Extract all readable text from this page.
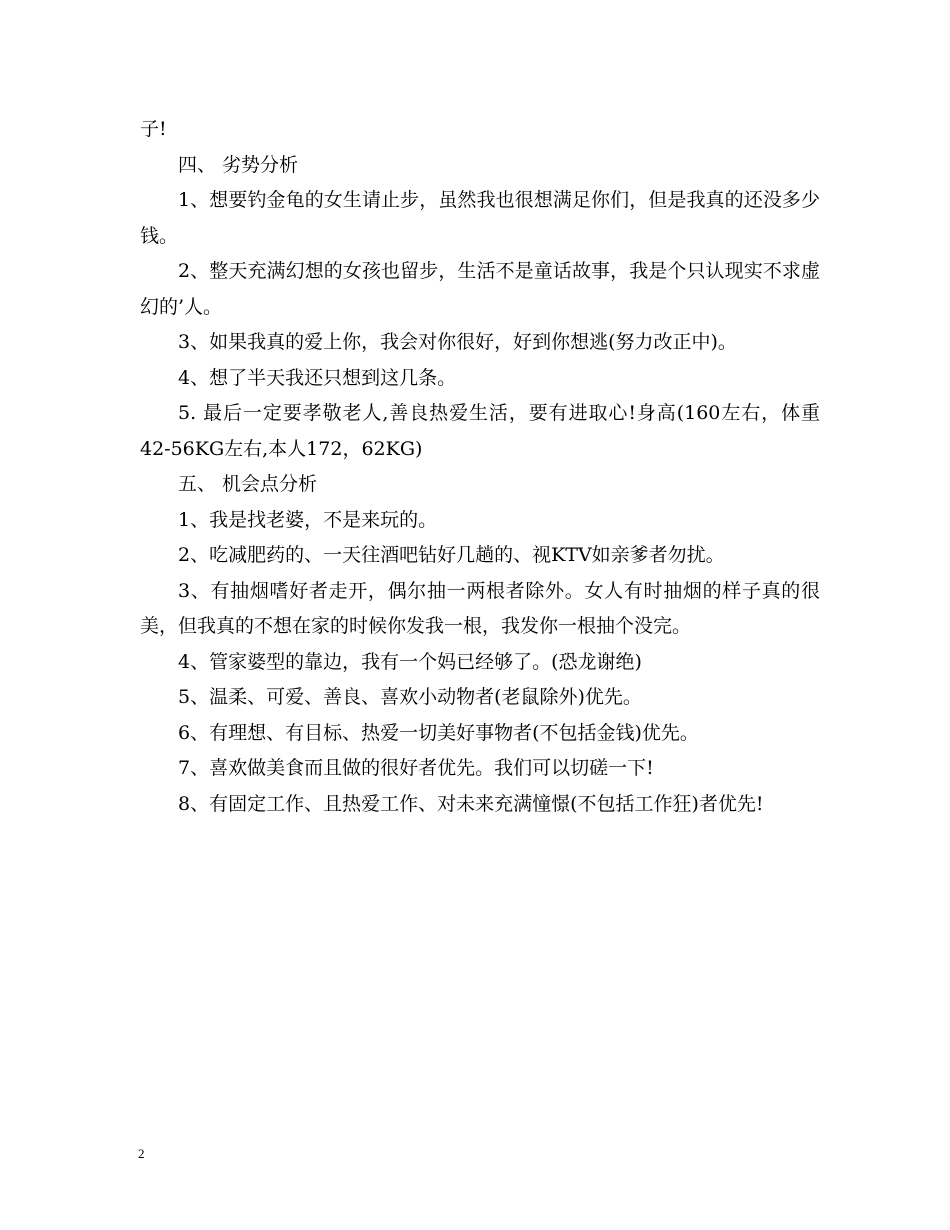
子!

四、 劣势分析

1、想要钓金龟的女生请止步，虽然我也很想满足你们，但是我真的还没多少钱。

2、整天充满幻想的女孩也留步，生活不是童话故事，我是个只认现实不求虚幻的’人。

3、如果我真的爱上你，我会对你很好，好到你想逃(努力改正中)。

4、想了半天我还只想到这几条。

5. 最后一定要孝敬老人,善良热爱生活，要有进取心!身高(160左右，体重42-56KG左右,本人172，62KG)

五、 机会点分析

1、我是找老婆，不是来玩的。

2、吃减肥药的、一天往酒吧钻好几趟的、视KTV如亲爹者勿扰。

3、有抽烟嗜好者走开，偶尔抽一两根者除外。女人有时抽烟的样子真的很美，但我真的不想在家的时候你发我一根，我发你一根抽个没完。

4、管家婆型的靠边，我有一个妈已经够了。(恐龙谢绝)

5、温柔、可爱、善良、喜欢小动物者(老鼠除外)优先。

6、有理想、有目标、热爱一切美好事物者(不包括金钱)优先。

7、喜欢做美食而且做的很好者优先。我们可以切磋一下!

8、有固定工作、且热爱工作、对未来充满憧憬(不包括工作狂)者优先!

2
